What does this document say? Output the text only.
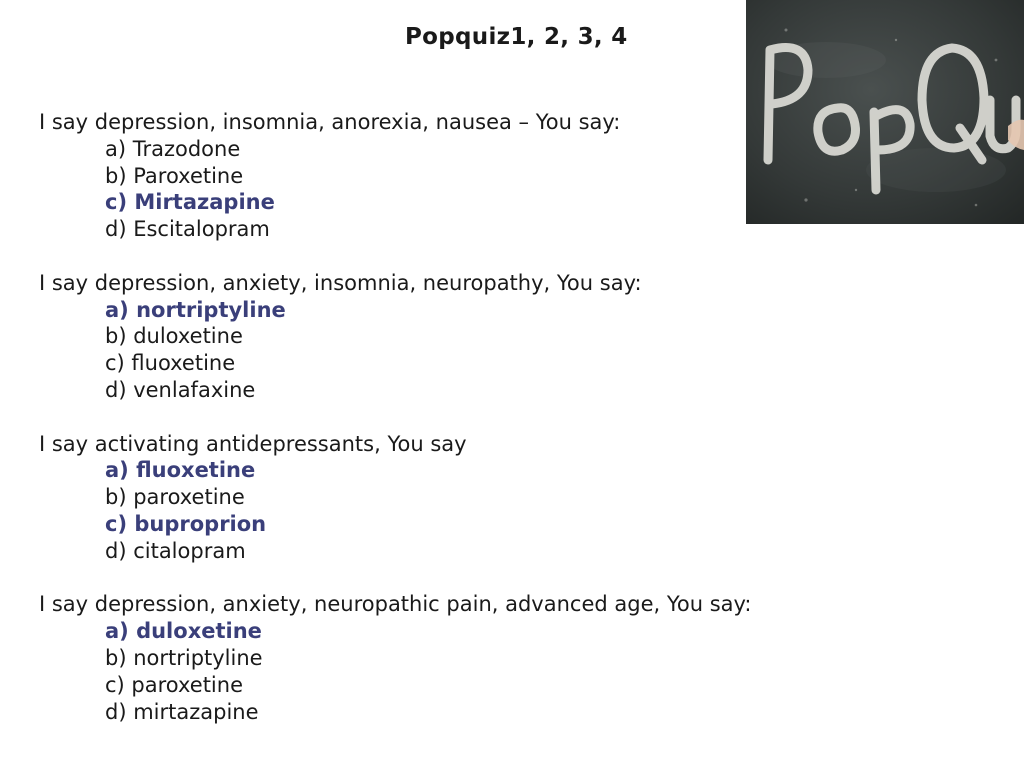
Popquiz1, 2, 3, 4
I say depression, insomnia, anorexia, nausea – You say:
a) Trazodone
b) Paroxetine
c) Mirtazapine
d) Escitalopram
I say depression, anxiety, insomnia, neuropathy, You say:
a) nortriptyline
b) duloxetine
c) fluoxetine
d) venlafaxine
I say activating antidepressants, You say
a) fluoxetine
b) paroxetine
c) buproprion
d) citalopram
I say depression, anxiety, neuropathic pain, advanced age, You say:
a) duloxetine
b) nortriptyline
c) paroxetine
d) mirtazapine
